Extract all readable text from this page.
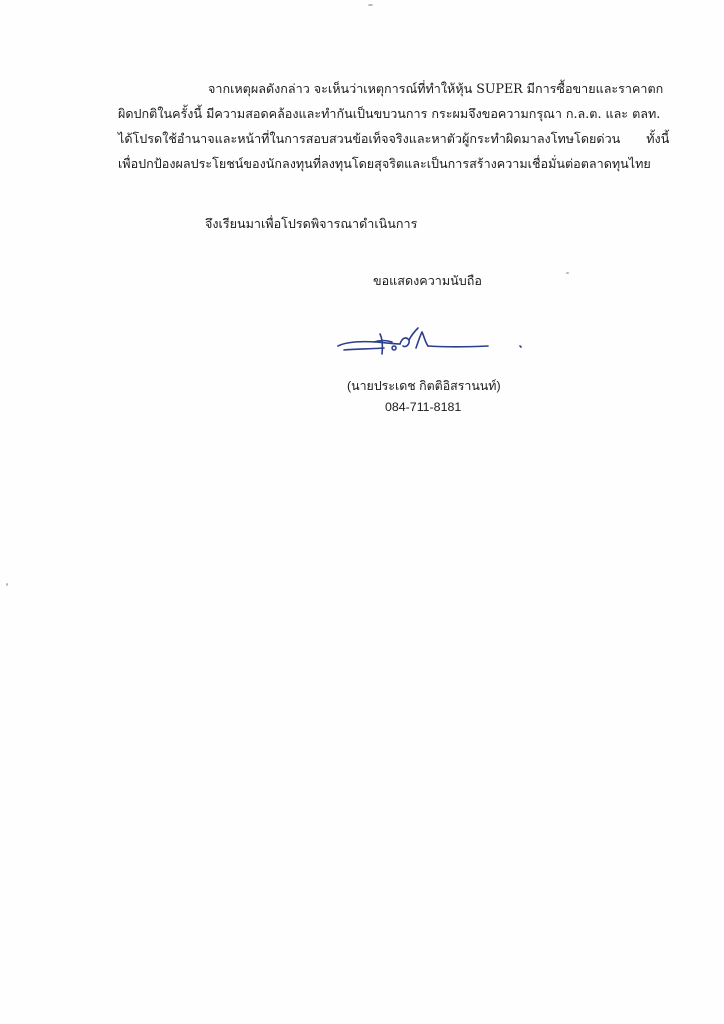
จากเหตุผลดังกล่าว จะเห็นว่าเหตุการณ์ที่ทำให้หุ้น SUPER มีการซื้อขายและราคาตก

ผิดปกติในครั้งนี้ มีความสอดคล้องและทำกันเป็นขบวนการ กระผมจึงขอความกรุณา ก.ล.ต. และ ตลท.

ได้โปรดใช้อำนาจและหน้าที่ในการสอบสวนข้อเท็จจริงและหาตัวผู้กระทำผิดมาลงโทษโดยด่วน ทั้งนี้

เพื่อปกป้องผลประโยชน์ของนักลงทุนที่ลงทุนโดยสุจริตและเป็นการสร้างความเชื่อมั่นต่อตลาดทุนไทย

จึงเรียนมาเพื่อโปรดพิจารณาดำเนินการ
ขอแสดงความนับถือ
(นายประเดช กิตติอิสรานนท์)
084-711-8181
